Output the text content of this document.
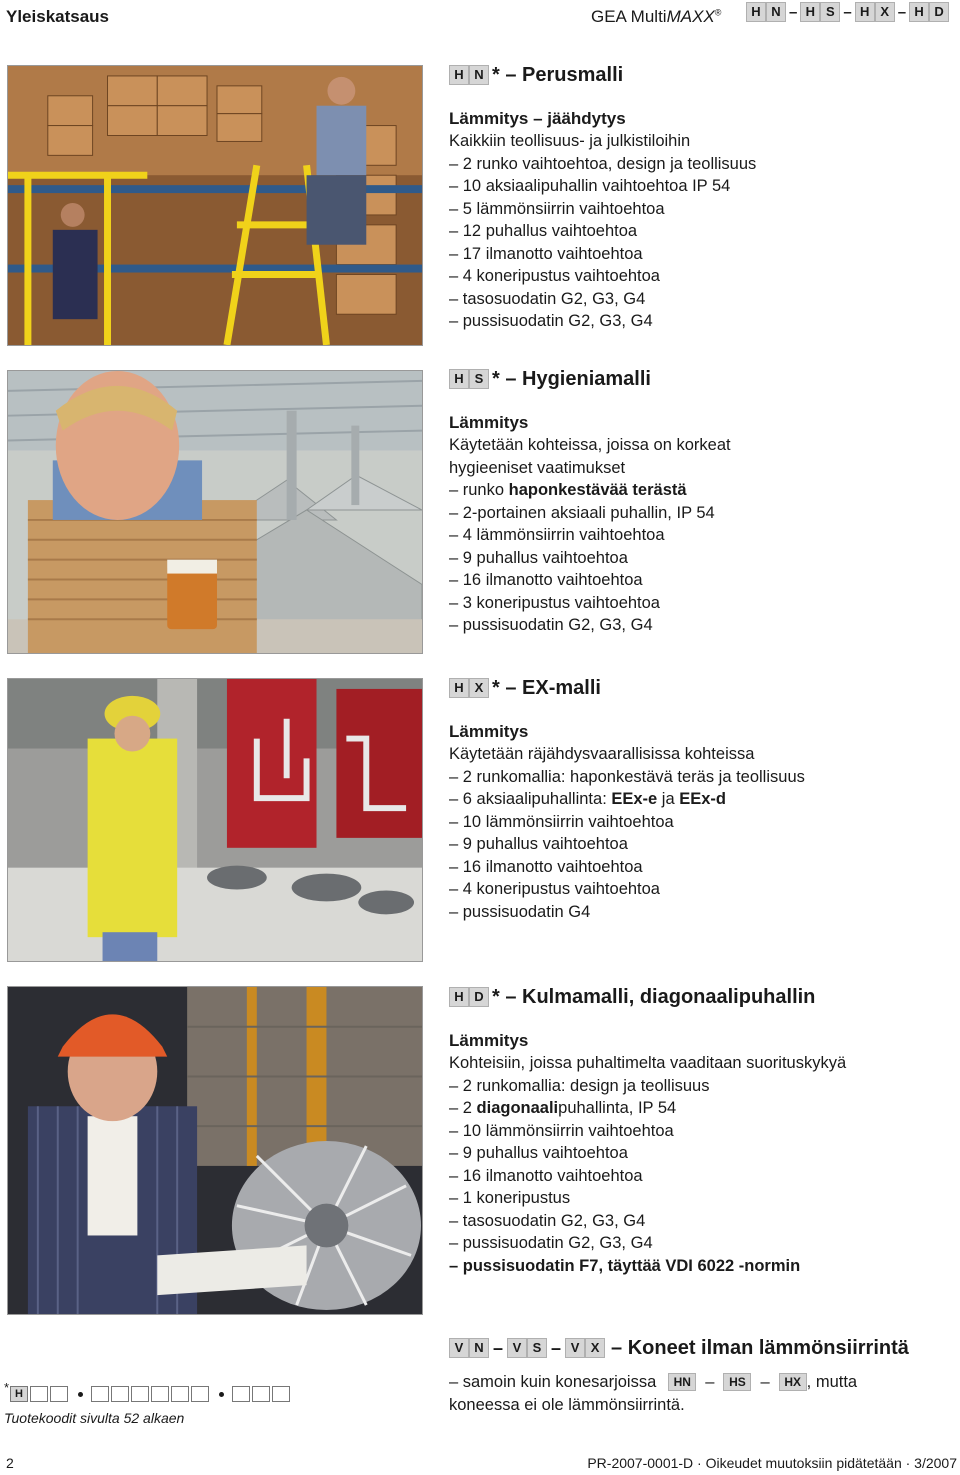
Yleiskatsaus	GEA MultiMAXX®	H N – H S – H X – H D
H N * – Perusmalli
Lämmitys – jäähdytys
Kaikkiin teollisuus- ja julkistiloihin
– 2 runko vaihtoehtoa, design ja teollisuus
– 10 aksiaalipuhallin vaihtoehtoa IP 54
– 5 lämmönsiirrin vaihtoehtoa
– 12 puhallus vaihtoehtoa
– 17 ilmanotto vaihtoehtoa
– 4 koneripustus vaihtoehtoa
– tasosuodatin G2, G3, G4
– pussisuodatin G2, G3, G4
H S * – Hygieniamalli
Lämmitys
Käytetään kohteissa, joissa on korkeat
hygieeniset vaatimukset
– runko haponkestävää terästä
– 2-portainen aksiaali puhallin, IP 54
– 4 lämmönsiirrin vaihtoehtoa
– 9 puhallus vaihtoehtoa
– 16 ilmanotto vaihtoehtoa
– 3 koneripustus vaihtoehtoa
– pussisuodatin G2, G3, G4
H X * – EX-malli
Lämmitys
Käytetään räjähdysvaarallisissa kohteissa
– 2 runkomallia: haponkestävä teräs ja teollisuus
– 6 aksiaalipuhallinta: EEx-e ja EEx-d
– 10 lämmönsiirrin vaihtoehtoa
– 9 puhallus vaihtoehtoa
– 16 ilmanotto vaihtoehtoa
– 4 koneripustus vaihtoehtoa
– pussisuodatin G4
H D * – Kulmamalli, diagonaalipuhallin
Lämmitys
Kohteisiin, joissa puhaltimelta vaaditaan suorituskykyä
– 2 runkomallia: design ja teollisuus
– 2 diagonaalipuhallinta, IP 54
– 10 lämmönsiirrin vaihtoehtoa
– 9 puhallus vaihtoehtoa
– 16 ilmanotto vaihtoehtoa
– 1 koneripustus
– tasosuodatin G2, G3, G4
– pussisuodatin G2, G3, G4
– pussisuodatin F7, täyttää VDI 6022 -normin
V N – V S – V X – Koneet ilman lämmönsiirrintä
– samoin kuin konesarjoissa	HN –	HS –	HX , mutta
koneessa ei ole lämmönsiirrintä.
* H
Tuotekoodit sivulta 52 alkaen
2	PR-2007-0001-D · Oikeudet muutoksiin pidätetään · 3/2007
